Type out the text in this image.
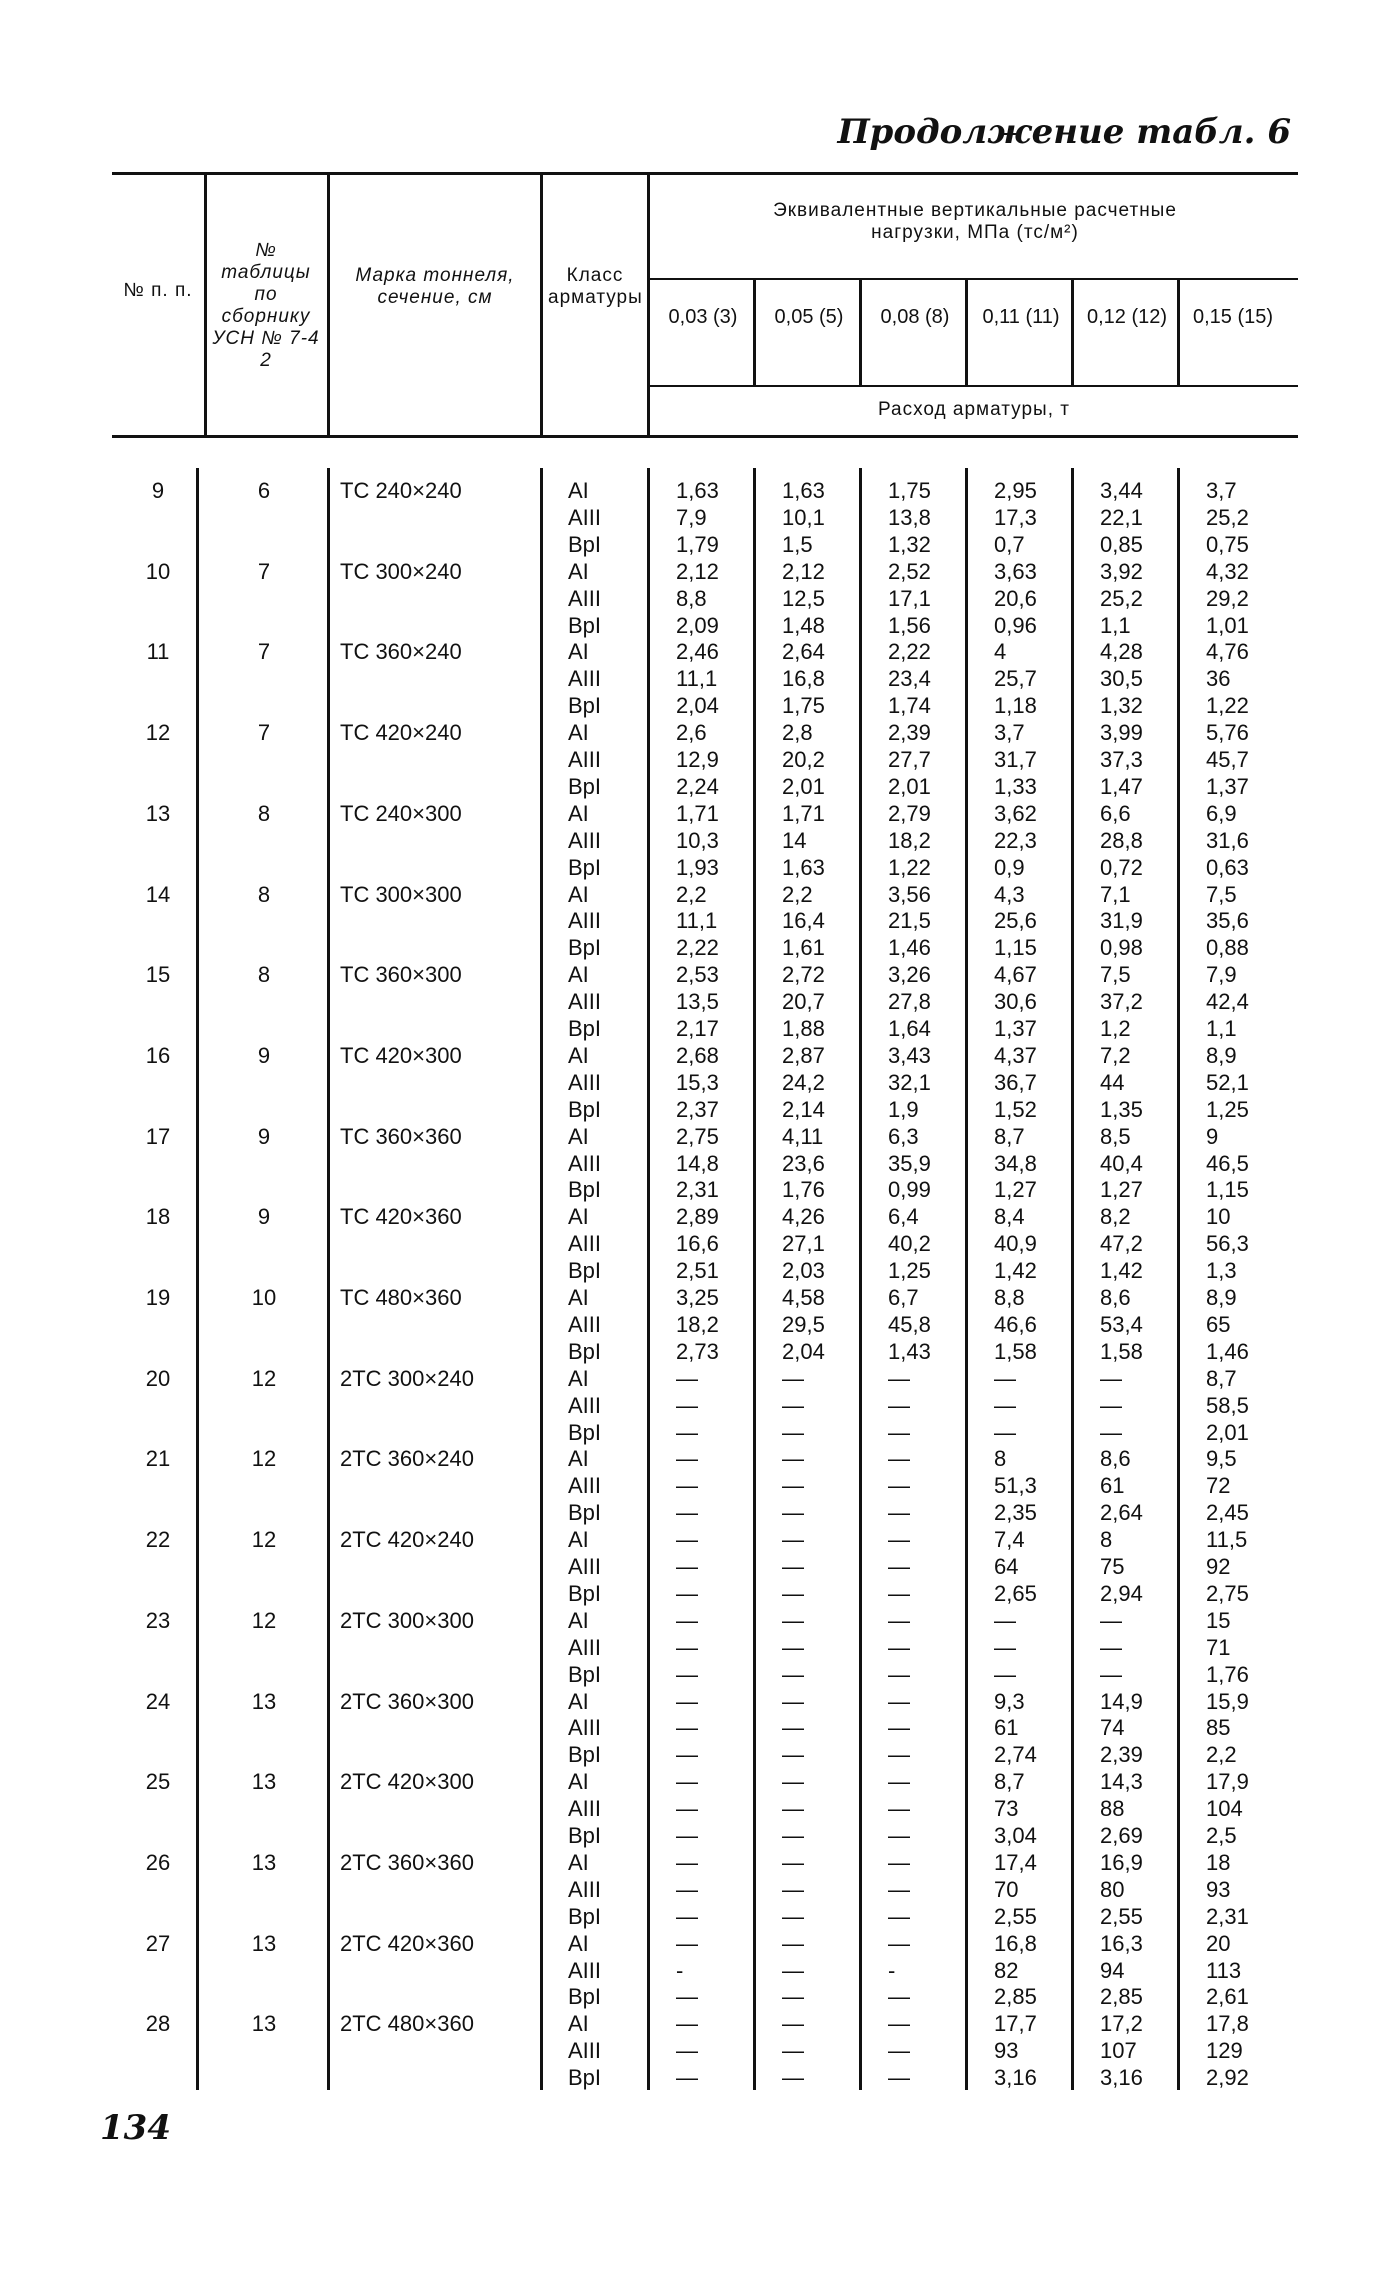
Продолжение табл. 6
№ п. п.
№ таблицы по сборнику УСН № 7-4 2
Марка тоннеля, сечение, см
Класс арматуры
Эквивалентные вертикальные расчетные нагрузки, МПа (тс/м²)
Расход арматуры, т
0,03 (3)	0,05 (5)	0,08 (8)	0,11 (11)	0,12 (12) 0,15 (15)
9	6	ТС 240×240	AI	1,63	1,63	1,75	2,95	3,44	3,7
AIII	7,9	10,1	13,8	17,3	22,1	25,2
BpI	1,79	1,5	1,32	0,7	0,85	0,75
10	7	ТС 300×240	AI	2,12	2,12	2,52	3,63	3,92	4,32
AIII	8,8	12,5	17,1	20,6	25,2	29,2
BpI	2,09	1,48	1,56	0,96	1,1	1,01
11	7	ТС 360×240	AI	2,46	2,64	2,22	4	4,28	4,76
AIII	11,1	16,8	23,4	25,7	30,5	36
BpI	2,04	1,75	1,74	1,18	1,32	1,22
12	7	ТС 420×240	AI	2,6	2,8	2,39	3,7	3,99	5,76
AIII	12,9	20,2	27,7	31,7	37,3	45,7
BpI	2,24	2,01	2,01	1,33	1,47	1,37
13	8	ТС 240×300	AI	1,71	1,71	2,79	3,62	6,6	6,9
AIII	10,3	14	18,2	22,3	28,8	31,6
BpI	1,93	1,63	1,22	0,9	0,72	0,63
14	8	ТС 300×300	AI	2,2	2,2	3,56	4,3	7,1	7,5
AIII	11,1	16,4	21,5	25,6	31,9	35,6
BpI	2,22	1,61	1,46	1,15	0,98	0,88
15	8	ТС 360×300	AI	2,53	2,72	3,26	4,67	7,5	7,9
AIII	13,5	20,7	27,8	30,6	37,2	42,4
BpI	2,17	1,88	1,64	1,37	1,2	1,1
16	9	ТС 420×300	AI	2,68	2,87	3,43	4,37	7,2	8,9
AIII	15,3	24,2	32,1	36,7	44	52,1
BpI	2,37	2,14	1,9	1,52	1,35	1,25
17	9	ТС 360×360	AI	2,75	4,11	6,3	8,7	8,5	9
AIII	14,8	23,6	35,9	34,8	40,4	46,5
BpI	2,31	1,76	0,99	1,27	1,27	1,15
18	9	ТС 420×360	AI	2,89	4,26	6,4	8,4	8,2	10
AIII	16,6	27,1	40,2	40,9	47,2	56,3
BpI	2,51	2,03	1,25	1,42	1,42	1,3
19	10	ТС 480×360	AI	3,25	4,58	6,7	8,8	8,6	8,9
AIII	18,2	29,5	45,8	46,6	53,4	65
BpI	2,73	2,04	1,43	1,58	1,58	1,46
20	12	2ТС 300×240	AI	—	—	—	—	—	8,7
AIII	—	—	—	—	—	58,5
BpI	—	—	—	—	—	2,01
21	12	2ТС 360×240	AI	—	—	—	8	8,6	9,5
AIII	—	—	—	51,3	61	72
BpI	—	—	—	2,35	2,64	2,45
22	12	2ТС 420×240	AI	—	—	—	7,4	8	11,5
AIII	—	—	—	64	75	92
BpI	—	—	—	2,65	2,94	2,75
23	12	2ТС 300×300	AI	—	—	—	—	—	15
AIII	—	—	—	—	—	71
BpI	—	—	—	—	—	1,76
24	13	2ТС 360×300	AI	—	—	—	9,3	14,9	15,9
AIII	—	—	—	61	74	85
BpI	—	—	—	2,74	2,39	2,2
25	13	2ТС 420×300	AI	—	—	—	8,7	14,3	17,9
AIII	—	—	—	73	88	104
BpI	—	—	—	3,04	2,69	2,5
26	13	2ТС 360×360	AI	—	—	—	17,4	16,9	18
AIII	—	—	—	70	80	93
BpI	—	—	—	2,55	2,55	2,31
27	13	2ТС 420×360	AI	—	—	—	16,8	16,3	20
AIII	-	—	-	82	94	113
BpI	—	—	—	2,85	2,85	2,61
28	13	2ТС 480×360	AI	—	—	—	17,7	17,2	17,8
AIII	—	—	—	93	107	129
BpI	—	—	—	3,16	3,16	2,92
134
